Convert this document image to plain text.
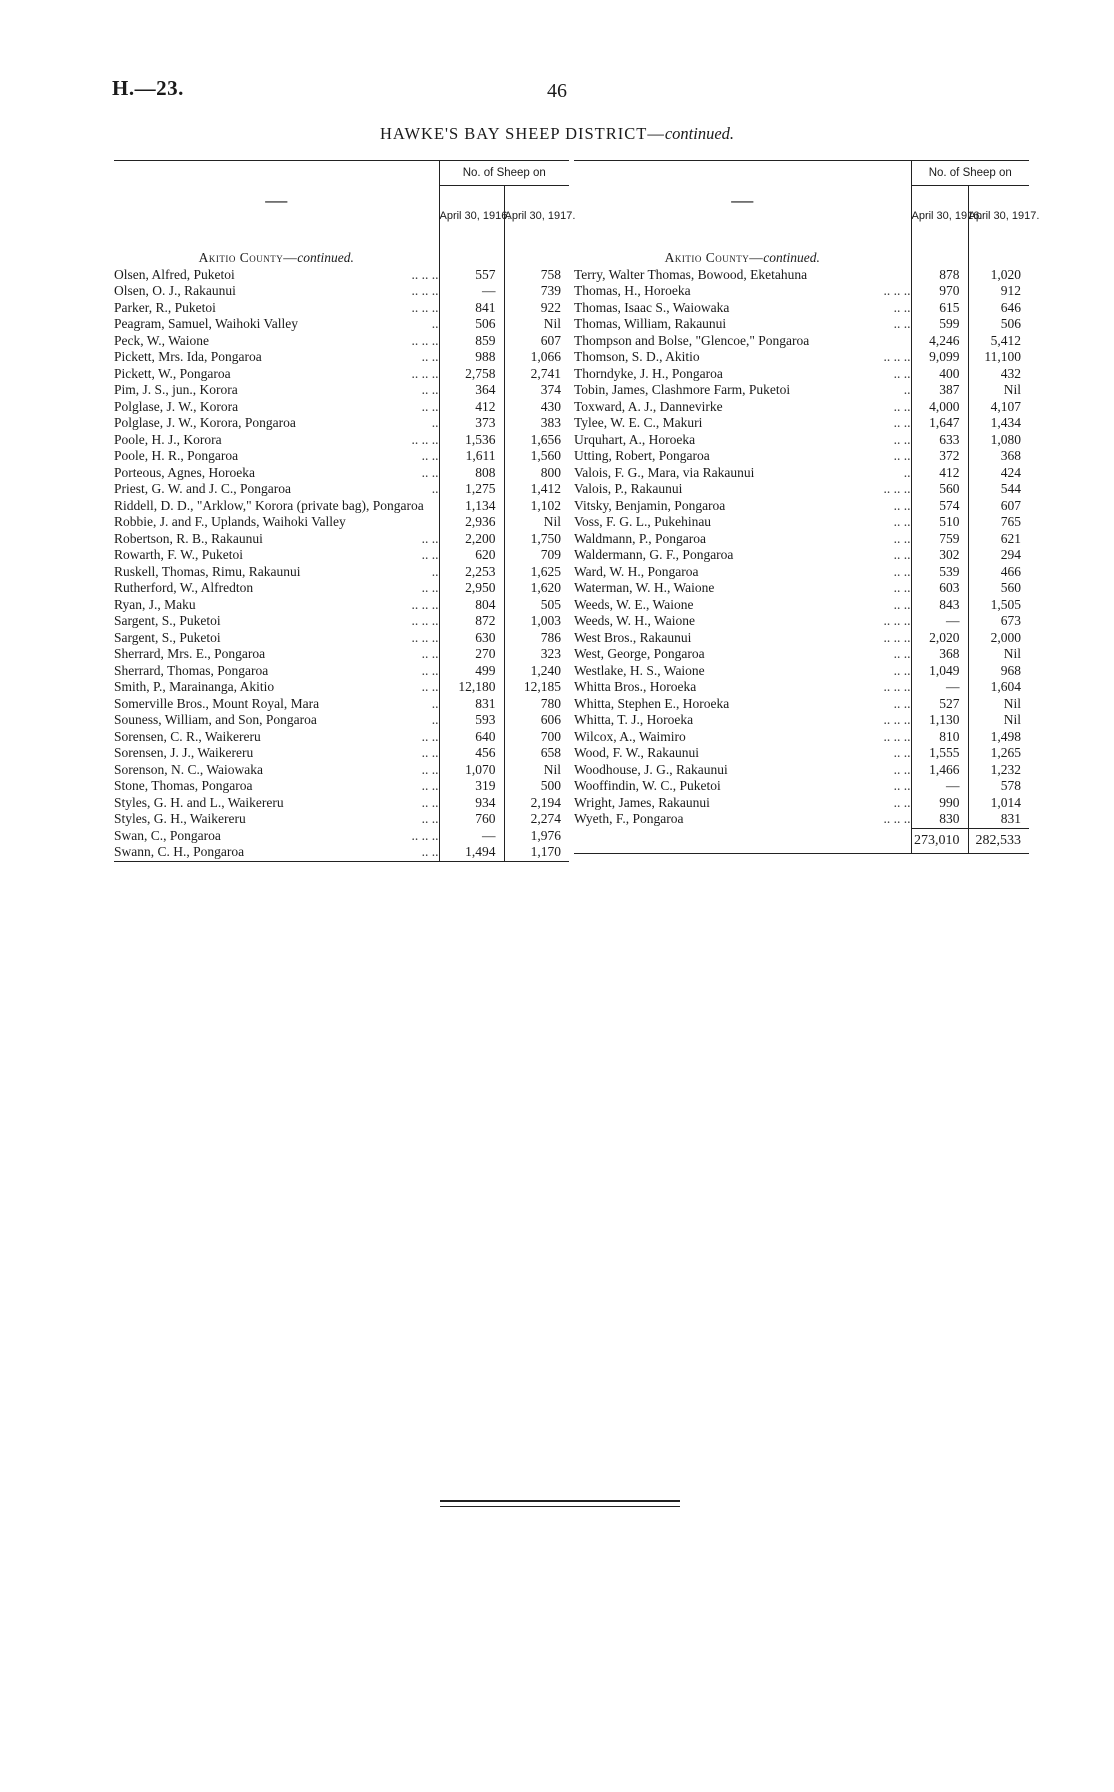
H.—23.	46
HAWKE'S BAY SHEEP DISTRICT—continued.
—	No. of Sheep on	
	April 30, 1916.	April 30, 1917.

Akitio County—continued.		

.. .. ..
Olsen, Alfred, Puketoi	557	758

.. .. ..
Olsen, O. J., Rakaunui	—	739

.. .. ..
Parker, R., Puketoi	841	922

..
Peagram, Samuel, Waihoki Valley	506	Nil

.. .. ..
Peck, W., Waione	859	607

.. ..
Pickett, Mrs. Ida, Pongaroa	988	1,066

.. .. ..
Pickett, W., Pongaroa	2,758	2,741

.. ..
Pim, J. S., jun., Korora	364	374

.. ..
Polglase, J. W., Korora	412	430

..
Polglase, J. W., Korora, Pongaroa	373	383

.. .. ..
Poole, H. J., Korora	1,536	1,656

.. ..
Poole, H. R., Pongaroa	1,611	1,560

.. ..
Porteous, Agnes, Horoeka	808	800

..
Priest, G. W. and J. C., Pongaroa	1,275	1,412

Riddell, D. D., "Arklow," Korora (private bag), Pongaroa	1,134	1,102

Robbie, J. and F., Uplands, Waihoki Valley	2,936	Nil

.. ..
Robertson, R. B., Rakaunui	2,200	1,750

.. ..
Rowarth, F. W., Puketoi	620	709

..
Ruskell, Thomas, Rimu, Rakaunui	2,253	1,625

.. ..
Rutherford, W., Alfredton	2,950	1,620

.. .. ..
Ryan, J., Maku	804	505

.. .. ..
Sargent, S., Puketoi	872	1,003

.. .. ..
Sargent, S., Puketoi	630	786

.. ..
Sherrard, Mrs. E., Pongaroa	270	323

.. ..
Sherrard, Thomas, Pongaroa	499	1,240

.. ..
Smith, P., Marainanga, Akitio	12,180	12,185

..
Somerville Bros., Mount Royal, Mara	831	780

..
Souness, William, and Son, Pongaroa	593	606

.. ..
Sorensen, C. R., Waikereru	640	700

.. ..
Sorensen, J. J., Waikereru	456	658

.. ..
Sorenson, N. C., Waiowaka	1,070	Nil

.. ..
Stone, Thomas, Pongaroa	319	500

.. ..
Styles, G. H. and L., Waikereru	934	2,194

.. ..
Styles, G. H., Waikereru	760	2,274

.. .. ..
Swan, C., Pongaroa	—	1,976

.. ..
Swann, C. H., Pongaroa	1,494	1,170
—	No. of Sheep on	
	April 30, 1916.	April 30, 1917.

Akitio County—continued.		

Terry, Walter Thomas, Bowood, Eketahuna	878	1,020

.. .. ..
Thomas, H., Horoeka	970	912

.. ..
Thomas, Isaac S., Waiowaka	615	646

.. ..
Thomas, William, Rakaunui	599	506

Thompson and Bolse, "Glencoe," Pongaroa	4,246	5,412

.. .. ..
Thomson, S. D., Akitio	9,099	11,100

.. ..
Thorndyke, J. H., Pongaroa	400	432

..
Tobin, James, Clashmore Farm, Puketoi	387	Nil

.. ..
Toxward, A. J., Dannevirke	4,000	4,107

.. ..
Tylee, W. E. C., Makuri	1,647	1,434

.. ..
Urquhart, A., Horoeka	633	1,080

.. ..
Utting, Robert, Pongaroa	372	368

..
Valois, F. G., Mara, via Rakaunui	412	424

.. .. ..
Valois, P., Rakaunui	560	544

.. ..
Vitsky, Benjamin, Pongaroa	574	607

.. ..
Voss, F. G. L., Pukehinau	510	765

.. ..
Waldmann, P., Pongaroa	759	621

.. ..
Waldermann, G. F., Pongaroa	302	294

.. ..
Ward, W. H., Pongaroa	539	466

.. ..
Waterman, W. H., Waione	603	560

.. ..
Weeds, W. E., Waione	843	1,505

.. .. ..
Weeds, W. H., Waione	—	673

.. .. ..
West Bros., Rakaunui	2,020	2,000

.. ..
West, George, Pongaroa	368	Nil

.. ..
Westlake, H. S., Waione	1,049	968

.. .. ..
Whitta Bros., Horoeka	—	1,604

.. ..
Whitta, Stephen E., Horoeka	527	Nil

.. .. ..
Whitta, T. J., Horoeka	1,130	Nil

.. .. ..
Wilcox, A., Waimiro	810	1,498

.. ..
Wood, F. W., Rakaunui	1,555	1,265

.. ..
Woodhouse, J. G., Rakaunui	1,466	1,232

.. ..
Wooffindin, W. C., Puketoi	—	578

.. ..
Wright, James, Rakaunui	990	1,014

.. .. ..
Wyeth, F., Pongaroa	830	831
	273,010	282,533
